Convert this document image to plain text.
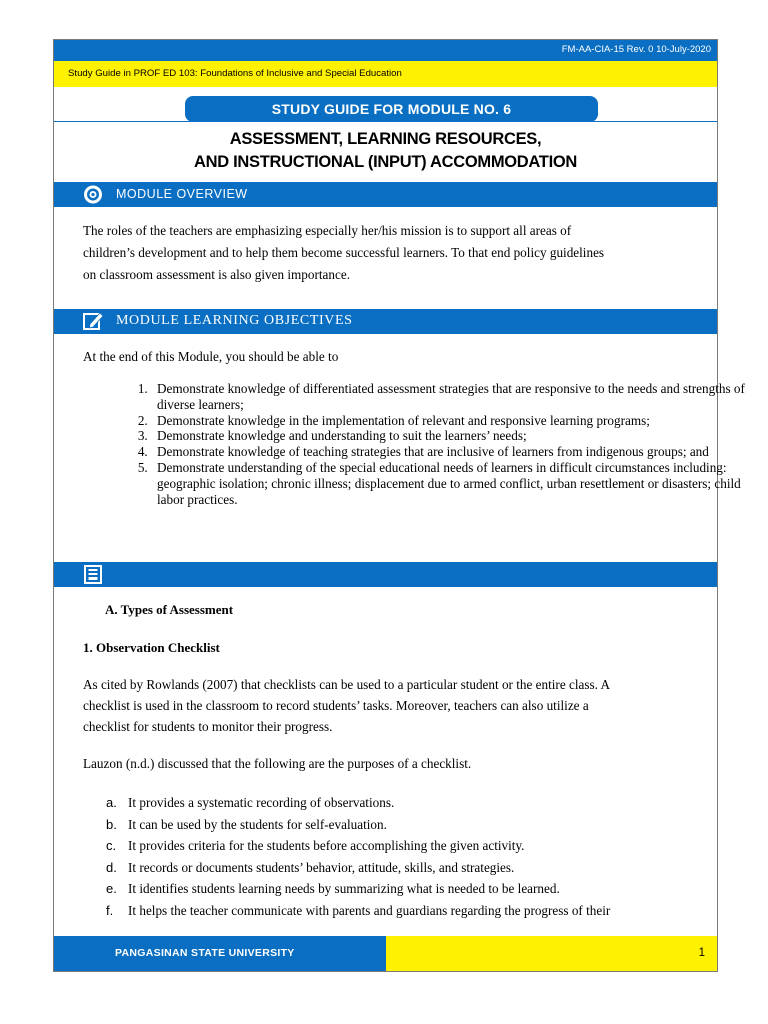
FM-AA-CIA-15 Rev. 0 10-July-2020
Study Guide in PROF ED 103: Foundations of Inclusive and Special Education
STUDY GUIDE FOR MODULE NO. 6
ASSESSMENT, LEARNING RESOURCES,
AND INSTRUCTIONAL (INPUT) ACCOMMODATION
MODULE OVERVIEW
The roles of the teachers are emphasizing especially her/his mission is to support all areas of
children’s development and to help them become successful learners. To that end policy guidelines
on classroom assessment is also given importance.
MODULE LEARNING OBJECTIVES
At the end of this Module, you should be able to
1. Demonstrate knowledge of differentiated assessment strategies that are responsive to the needs and strengths of diverse learners;
2. Demonstrate knowledge in the implementation of relevant and responsive learning programs;
3. Demonstrate knowledge and understanding to suit the learners’ needs;
4. Demonstrate knowledge of teaching strategies that are inclusive of learners from indigenous groups; and
5. Demonstrate understanding of the special educational needs of learners in difficult circumstances including: geographic isolation; chronic illness; displacement due to armed conflict, urban resettlement or disasters; child labor practices.
A. Types of Assessment
1. Observation Checklist
As cited by Rowlands (2007) that checklists can be used to a particular student or the entire class. A
checklist is used in the classroom to record students’ tasks. Moreover, teachers can also utilize a
checklist for students to monitor their progress.
Lauzon (n.d.) discussed that the following are the purposes of a checklist.
a. It provides a systematic recording of observations.
b. It can be used by the students for self-evaluation.
c. It provides criteria for the students before accomplishing the given activity.
d. It records or documents students’ behavior, attitude, skills, and strategies.
e. It identifies students learning needs by summarizing what is needed to be learned.
f. It helps the teacher communicate with parents and guardians regarding the progress of their
PANGASINAN STATE UNIVERSITY	1
